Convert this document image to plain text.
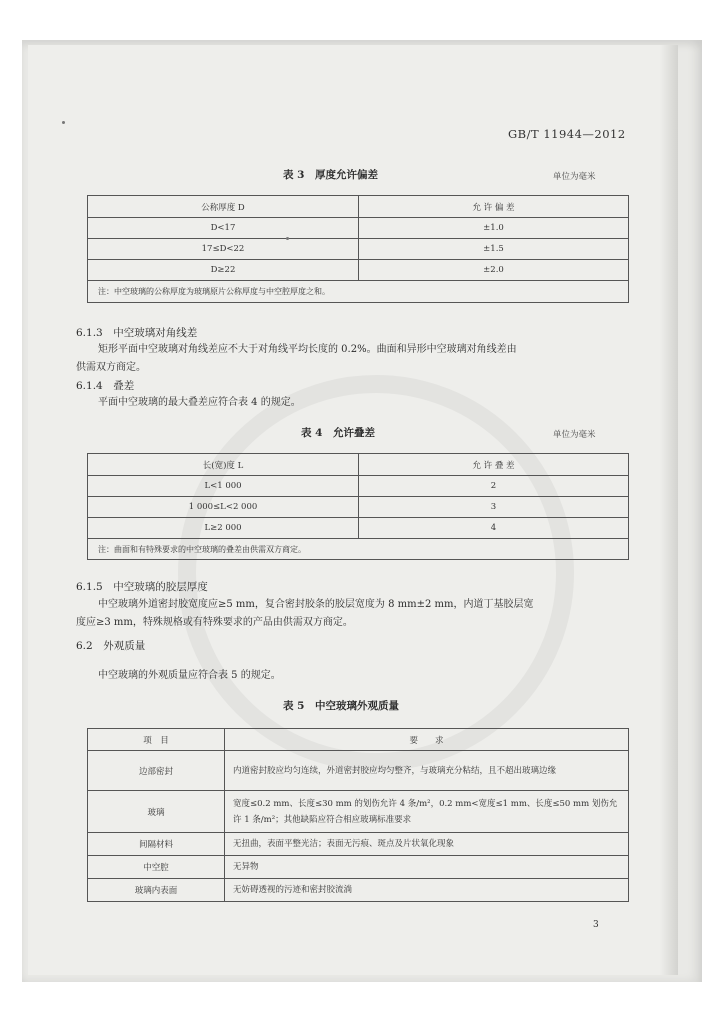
GB/T 11944—2012
表 3　厚度允许偏差	单位为毫米
公称厚度 D	允 许 偏 差
D<17	±1.0
17≤D<22	±1.5
D≥22	±2.0
注：中空玻璃的公称厚度为玻璃原片公称厚度与中空腔厚度之和。	
6.1.3　中空玻璃对角线差
矩形平面中空玻璃对角线差应不大于对角线平均长度的 0.2%。曲面和异形中空玻璃对角线差由
供需双方商定。
6.1.4　叠差
平面中空玻璃的最大叠差应符合表 4 的规定。
表 4　允许叠差	单位为毫米
长(宽)度 L	允 许 叠 差
L<1 000	2
1 000≤L<2 000	3
L≥2 000	4
注：曲面和有特殊要求的中空玻璃的叠差由供需双方商定。	
6.1.5　中空玻璃的胶层厚度
中空玻璃外道密封胶宽度应≥5 mm，复合密封胶条的胶层宽度为 8 mm±2 mm，内道丁基胶层宽
度应≥3 mm，特殊规格或有特殊要求的产品由供需双方商定。
6.2　外观质量
中空玻璃的外观质量应符合表 5 的规定。
表 5　中空玻璃外观质量
项　目	要　　求
边部密封	内道密封胶应均匀连续，外道密封胶应均匀整齐，与玻璃充分粘结，且不超出玻璃边缘
玻璃	宽度≤0.2 mm、长度≤30 mm 的划伤允许 4 条/m²，0.2 mm<宽度≤1 mm、长度≤50 mm 划伤允许 1 条/m²；其他缺陷应符合相应玻璃标准要求
间隔材料	无扭曲，表面平整光洁；表面无污痕、斑点及片状氧化现象
中空腔	无异物
玻璃内表面	无妨碍透视的污迹和密封胶流淌
3
